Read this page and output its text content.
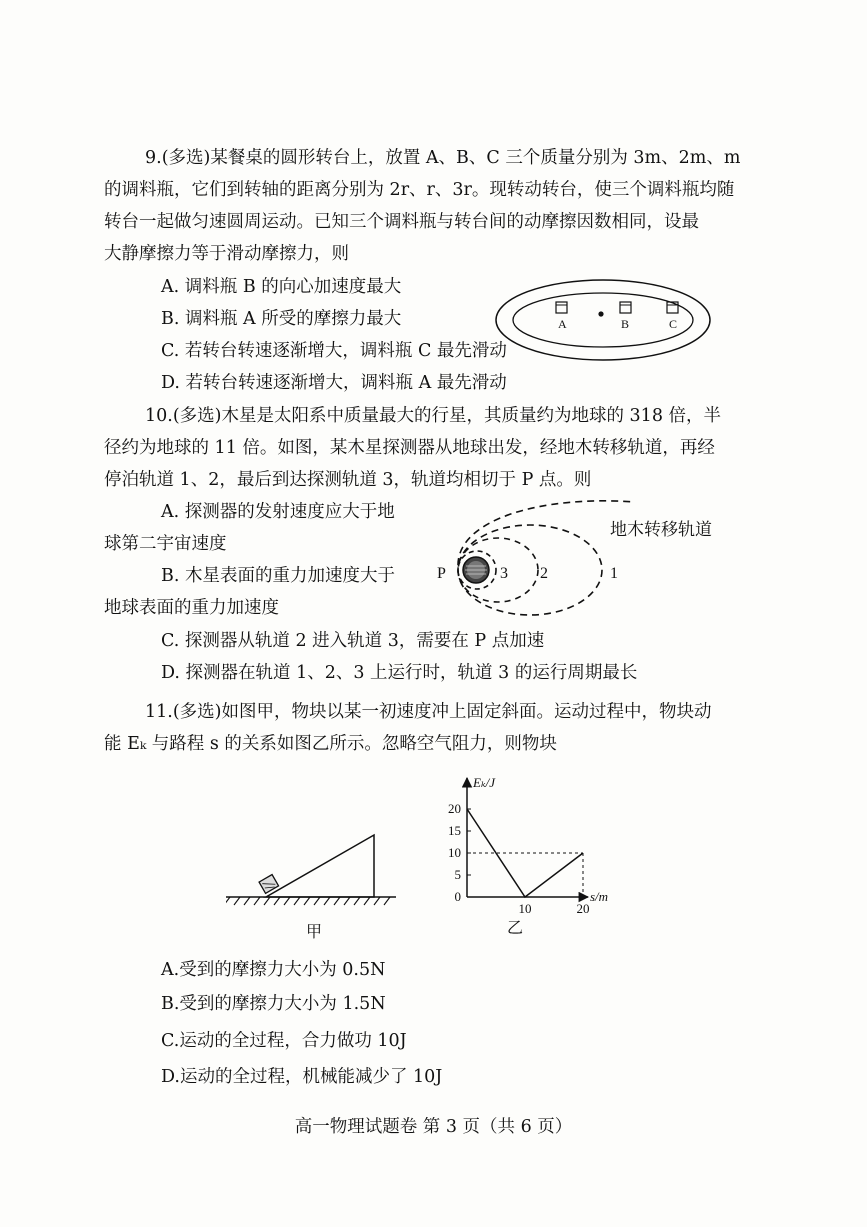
9.(多选)某餐桌的圆形转台上，放置 A、B、C 三个质量分别为 3m、2m、m
的调料瓶，它们到转轴的距离分别为 2r、r、3r。现转动转台，使三个调料瓶均随
转台一起做匀速圆周运动。已知三个调料瓶与转台间的动摩擦因数相同，设最
大静摩擦力等于滑动摩擦力，则
A. 调料瓶 B 的向心加速度最大
B. 调料瓶 A 所受的摩擦力最大
C. 若转台转速逐渐增大，调料瓶 C 最先滑动
D. 若转台转速逐渐增大，调料瓶 A 最先滑动
A	B	C
10.(多选)木星是太阳系中质量最大的行星，其质量约为地球的 318 倍，半
径约为地球的 11 倍。如图，某木星探测器从地球出发，经地木转移轨道，再经
停泊轨道 1、2，最后到达探测轨道 3，轨道均相切于 P 点。则
A. 探测器的发射速度应大于地
球第二宇宙速度
B. 木星表面的重力加速度大于
地球表面的重力加速度
C. 探测器从轨道 2 进入轨道 3，需要在 P 点加速
D. 探测器在轨道 1、2、3 上运行时，轨道 3 的运行周期最长
地木转移轨道
P	3 2	1
11.(多选)如图甲，物块以某一初速度冲上固定斜面。运动过程中，物块动
能 Eₖ 与路程 s 的关系如图乙所示。忽略空气阻力，则物块
甲
0
5
10
15
20
10	20
Eₖ/J
s/m
乙
A.受到的摩擦力大小为 0.5N
B.受到的摩擦力大小为 1.5N
C.运动的全过程，合力做功 10J
D.运动的全过程，机械能减少了 10J
高一物理试题卷 第 3 页（共 6 页）
